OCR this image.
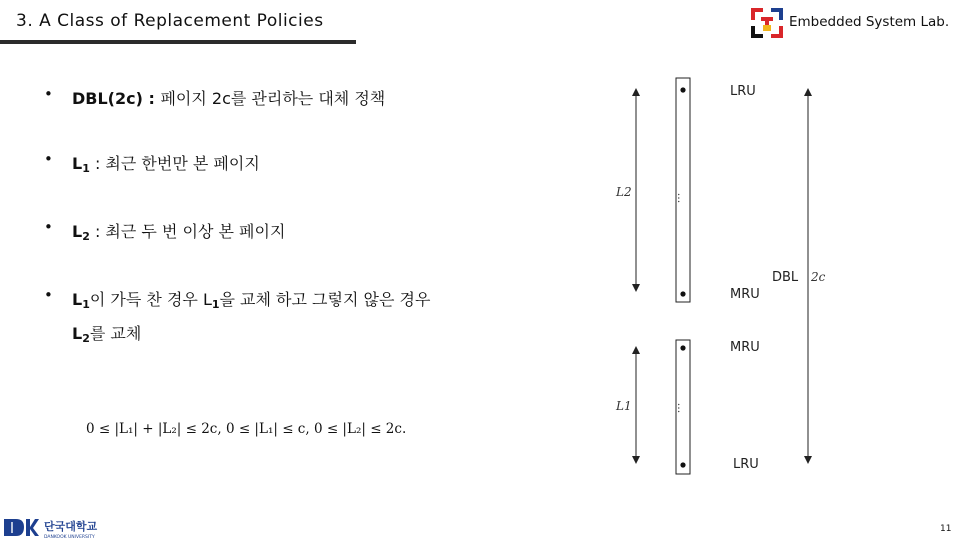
3. A Class of Replacement Policies	Embedded System Lab.
• DBL(2c) : 페이지 2c를 관리하는 대체 정책
• $L_1$ : 최근 한번만 본 페이지
• $L_2$ : 최근 두 번 이상 본 페이지
• $L_1$이 가득 찬 경우 $L_1$을 교체 하고 그렇지 않은 경우
$L_2$를 교체
0 ≤ |L₁| + |L₂| ≤ 2c, 0 ≤ |L₁| ≤ c, 0 ≤ |L₂| ≤ 2c.
...
...
LRU
MRU
MRU
LRU
L2
L1
DBL 2c
단국대학교
DANKOOK UNIVERSITY
11
